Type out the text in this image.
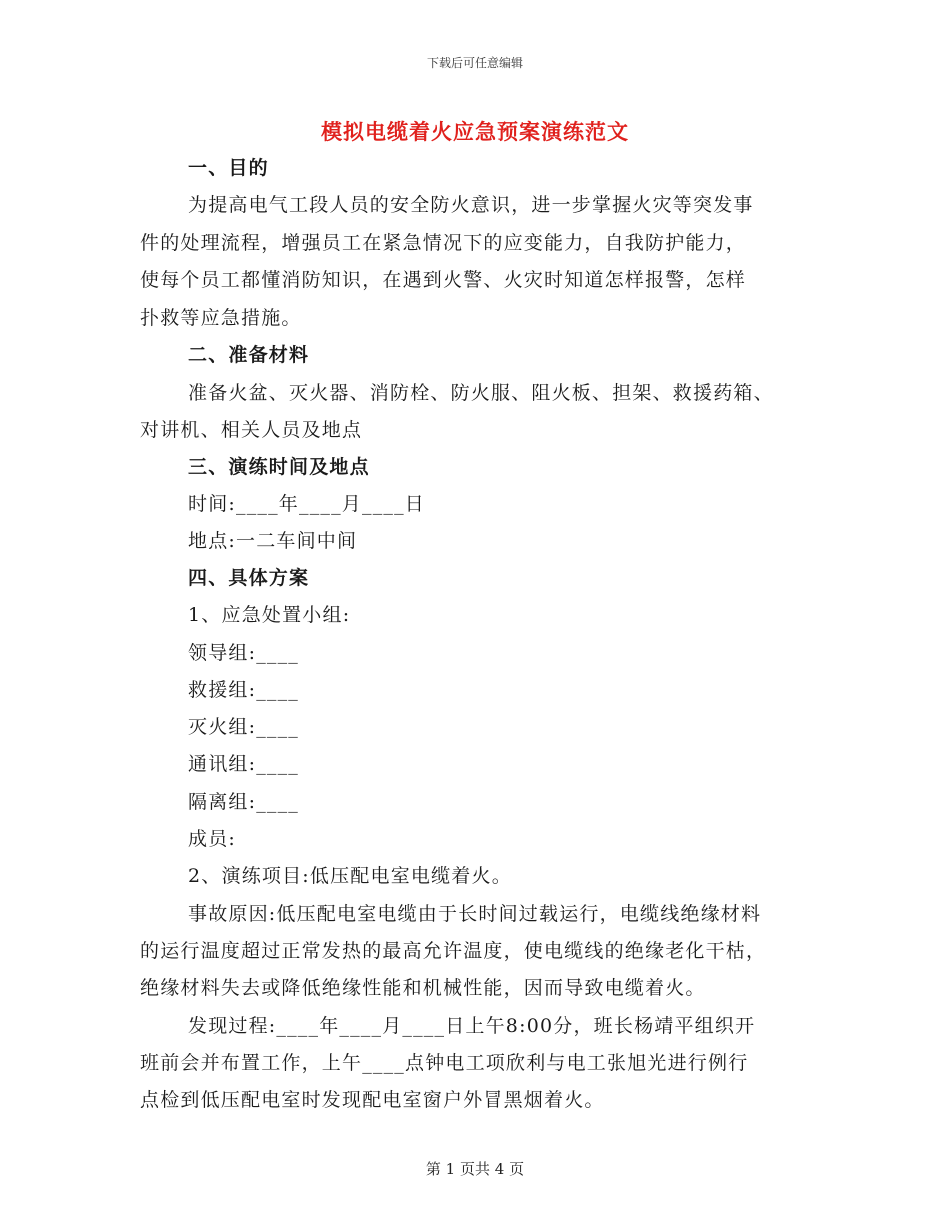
下载后可任意编辑
模拟电缆着火应急预案演练范文
一、目的
为提高电气工段人员的安全防火意识，进一步掌握火灾等突发事
件的处理流程，增强员工在紧急情况下的应变能力，自我防护能力，
使每个员工都懂消防知识，在遇到火警、火灾时知道怎样报警，怎样
扑救等应急措施。
二、准备材料
准备火盆、灭火器、消防栓、防火服、阻火板、担架、救援药箱、
对讲机、相关人员及地点
三、演练时间及地点
时间:____年____月____日
地点:一二车间中间
四、具体方案
1、应急处置小组:
领导组:____
救援组:____
灭火组:____
通讯组:____
隔离组:____
成员:
2、演练项目:低压配电室电缆着火。
事故原因:低压配电室电缆由于长时间过载运行，电缆线绝缘材料
的运行温度超过正常发热的最高允许温度，使电缆线的绝缘老化干枯，
绝缘材料失去或降低绝缘性能和机械性能，因而导致电缆着火。
发现过程:____年____月____日上午8:00分，班长杨靖平组织开
班前会并布置工作，上午____点钟电工项欣利与电工张旭光进行例行
点检到低压配电室时发现配电室窗户外冒黑烟着火。
第 1 页共 4 页
